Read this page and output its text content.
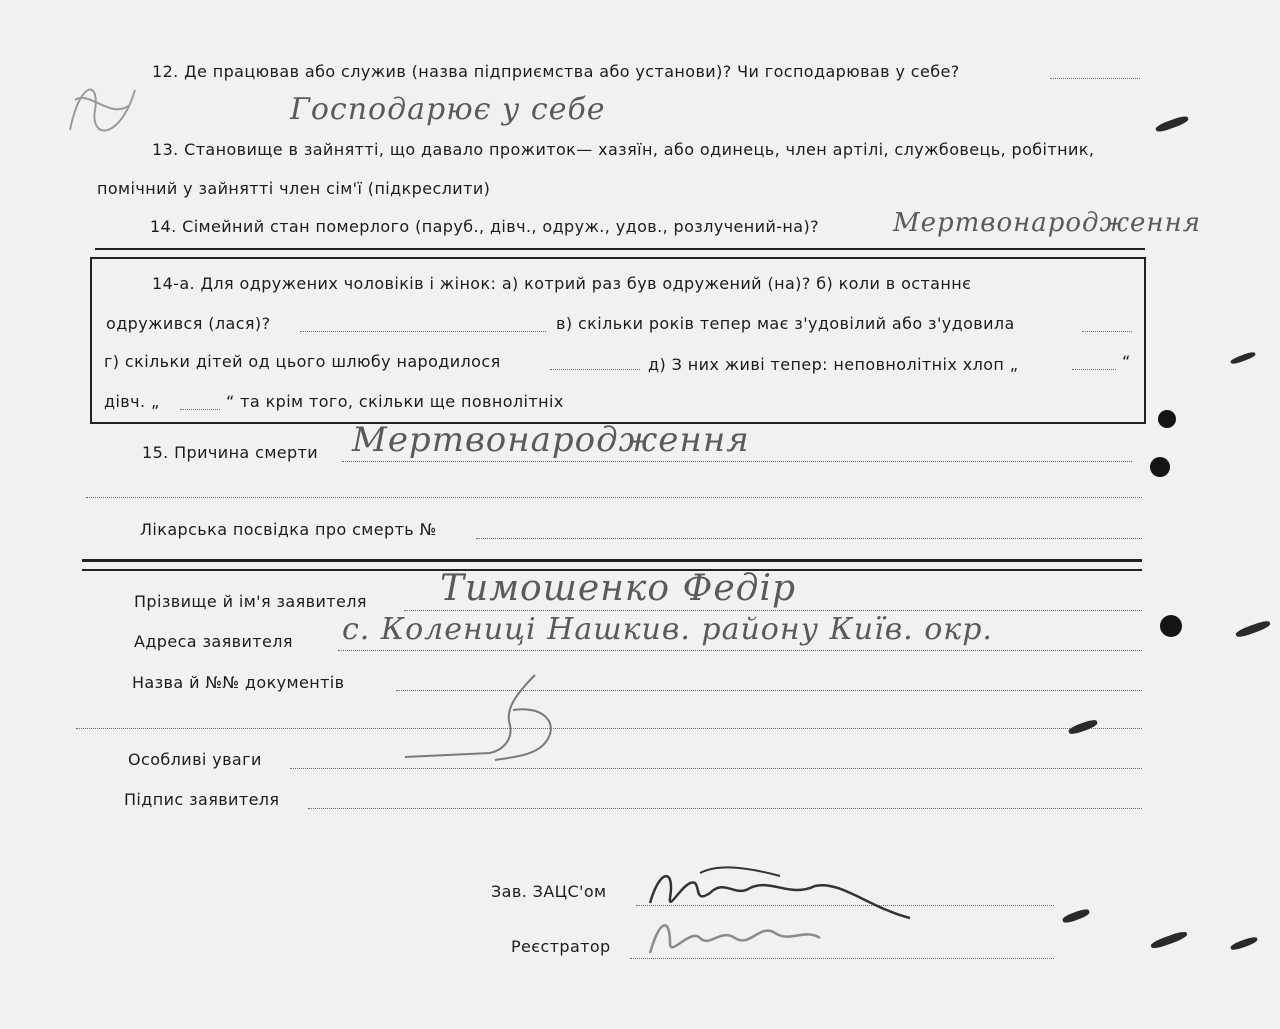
12. Де працював або служив (назва підприємства або установи)? Чи господарював у себе?
Господарює у себе
13. Становище в зайнятті, що давало прожиток— хазяїн, або одинець, член артілі, службовець, робітник,
помічний у зайнятті член сім'ї (підкреслити)
14. Сімейний стан померлого (паруб., дівч., одруж., удов., розлучений-на)?	Мертвонародження
14-а. Для одружених чоловіків і жінок: а) котрий раз був одружений (на)? б) коли в останнє
одружився (лася)?	в) скільки років тепер має з'удовілий або з'удовила
г) скільки дітей од цього шлюбу народилося	д) З них живі тепер: неповнолітніх хлоп „	“
дівч. „	“ та крім того, скільки ще повнолітніх
15. Причина смерти Мертвонародження
Лікарська посвідка про смерть №
Прізвище й ім'я заявителя Тимошенко Федір
Адреса заявителя с. Колениці Нашкив. району Київ. окр.
Назва й №№ документів
Особливі уваги
Підпис заявителя
Зав. ЗАЦС'ом
Реєстратор
